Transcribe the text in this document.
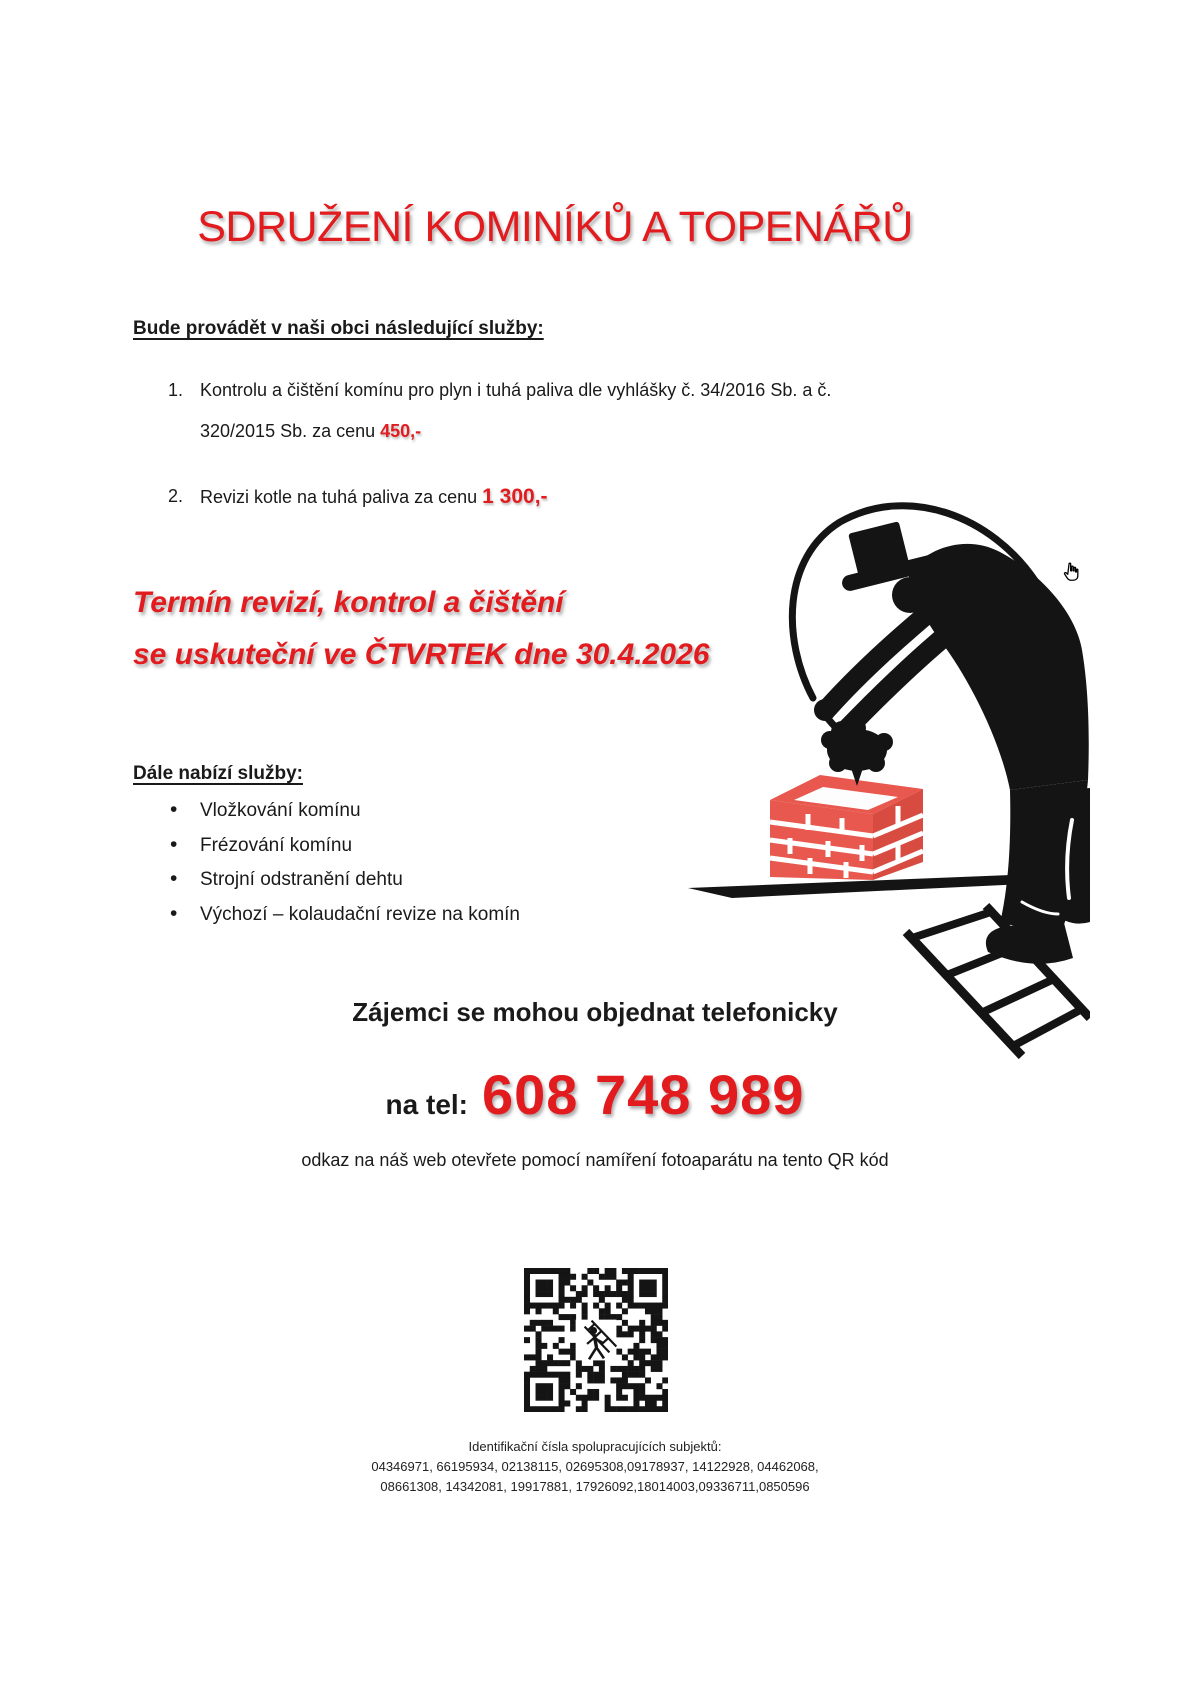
SDRUŽENÍ KOMINÍKŮ A TOPENÁŘŮ
Bude provádět v naši obci následující služby:
1. Kontrolu a čištění komínu pro plyn i tuhá paliva dle vyhlášky č. 34/2016 Sb. a č.
320/2015 Sb. za cenu 450,-
2. Revizi kotle na tuhá paliva za cenu 1 300,-
Termín revizí, kontrol a čištění
se uskuteční ve ČTVRTEK dne 30.4.2026
Dále nabízí služby:
•Vložkování komínu
•Frézování komínu
•Strojní odstranění dehtu
•Výchozí – kolaudační revize na komín
Zájemci se mohou objednat telefonicky
na tel: 608 748 989
odkaz na náš web otevřete pomocí namíření fotoaparátu na tento QR kód
Identifikační čísla spolupracujících subjektů:
04346971, 66195934, 02138115, 02695308,09178937, 14122928, 04462068,
08661308, 14342081, 19917881, 17926092,18014003,09336711,0850596
